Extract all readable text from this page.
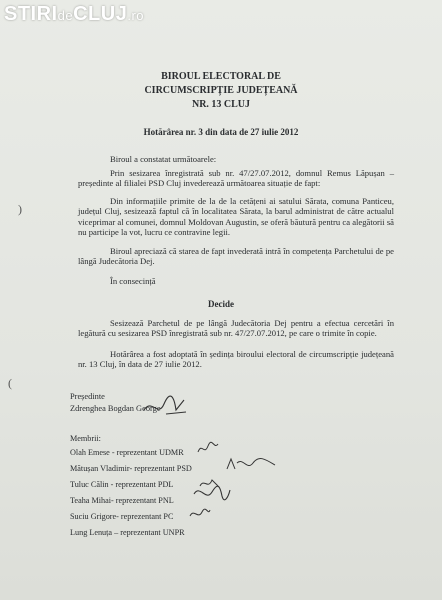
STIRIdeCLUJ.ro
BIROUL ELECTORAL DE
CIRCUMSCRIPȚIE JUDEȚEANĂ
NR. 13 CLUJ
Hotărârea nr. 3 din data de 27 iulie 2012
Biroul a constatat următoarele:
Prin sesizarea înregistrată sub nr. 47/27.07.2012, domnul Remus Lăpușan – președinte al filialei PSD Cluj invederează următoarea situație de fapt:
Din informațiile primite de la de la cetățeni ai satului Sărata, comuna Panticeu, județul Cluj, sesizează faptul că în localitatea Sărata, la barul administrat de către actualul viceprimar al comunei, domnul Moldovan Augustin, se oferă băutură pentru ca alegătorii să nu participe la vot, lucru ce contravine legii.
Biroul apreciază că starea de fapt invederată intră în competența Parchetului de pe lângă Judecătoria Dej.
În consecință
Decide
Sesizează Parchetul de pe lângă Judecătoria Dej pentru a efectua cercetări în legătură cu sesizarea PSD înregistrată sub nr. 47/27.07.2012, pe care o trimite în copie.
Hotărârea a fost adoptată în ședința biroului electoral de circumscripție județeană nr. 13 Cluj, în data de 27 iulie 2012.
Președinte
Zdrenghea Bogdan George
Membrii:
Olah Emese - reprezentant UDMR
Mătușan Vladimir- reprezentant PSD
Tuluc Călin - reprezentant PDL
Teaha Mihai- reprezentant PNL
Suciu Grigore- reprezentant PC
Lung Lenuța – reprezentant UNPR
)
(
